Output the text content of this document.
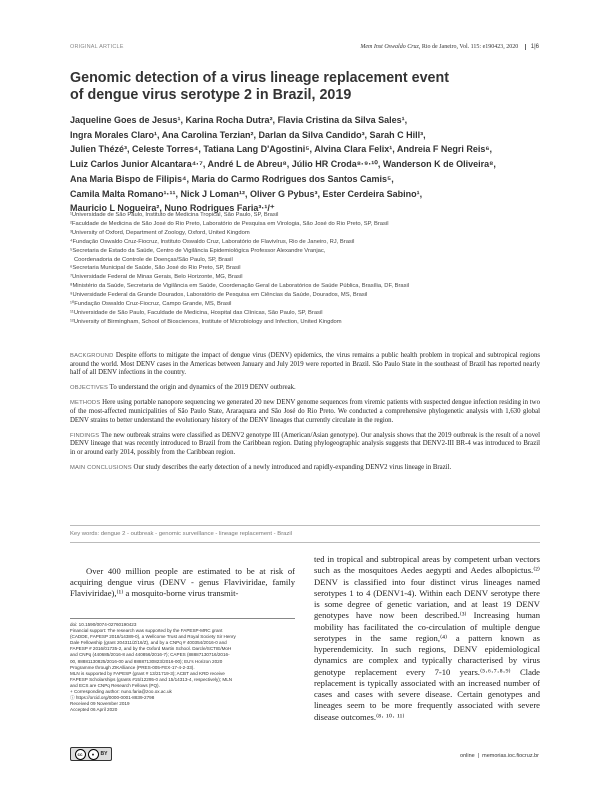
ORIGINAL ARTICLE	Mem Inst Oswaldo Cruz, Rio de Janeiro, Vol. 115: e190423, 2020 1|6
Genomic detection of a virus lineage replacement event
of dengue virus serotype 2 in Brazil, 2019
Jaqueline Goes de Jesus¹, Karina Rocha Dutra², Flavia Cristina da Silva Sales¹,
Ingra Morales Claro¹, Ana Carolina Terzian², Darlan da Silva Candido³, Sarah C Hill³,
Julien Thézé³, Celeste Torres⁴, Tatiana Lang D'Agostini⁵, Alvina Clara Felix¹, Andreia F Negri Reis⁶,
Luiz Carlos Junior Alcantara⁴·⁷, André L de Abreu⁸, Júlio HR Croda⁸·⁹·¹⁰, Wanderson K de Oliveira⁸,
Ana Maria Bispo de Filipis⁴, Maria do Carmo Rodrigues dos Santos Camis⁵,
Camila Malta Romano¹·¹¹, Nick J Loman¹², Oliver G Pybus³, Ester Cerdeira Sabino¹,
Mauricio L Nogueira², Nuno Rodrigues Faria³·¹/⁺
¹Universidade de São Paulo, Instituto de Medicina Tropical, São Paulo, SP, Brasil
²Faculdade de Medicina de São José do Rio Preto, Laboratório de Pesquisa em Virologia, São José do Rio Preto, SP, Brasil
³University of Oxford, Department of Zoology, Oxford, United Kingdom
⁴Fundação Oswaldo Cruz-Fiocruz, Instituto Oswaldo Cruz, Laboratório de Flavivírus, Rio de Janeiro, RJ, Brasil
⁵Secretaria de Estado da Saúde, Centro de Vigilância Epidemiológica Professor Alexandre Vranjac,
Coordenadoria de Controle de Doenças/São Paulo, SP, Brasil
⁶Secretaria Municipal de Saúde, São José do Rio Preto, SP, Brasil
⁷Universidade Federal de Minas Gerais, Belo Horizonte, MG, Brasil
⁸Ministério da Saúde, Secretaria de Vigilância em Saúde, Coordenação Geral de Laboratórios de Saúde Pública, Brasília, DF, Brasil
⁹Universidade Federal da Grande Dourados, Laboratório de Pesquisa em Ciências da Saúde, Dourados, MS, Brasil
¹⁰Fundação Oswaldo Cruz-Fiocruz, Campo Grande, MS, Brasil
¹¹Universidade de São Paulo, Faculdade de Medicina, Hospital das Clínicas, São Paulo, SP, Brasil
¹²University of Birmingham, School of Biosciences, Institute of Microbiology and Infection, United Kingdom

BACKGROUND Despite efforts to mitigate the impact of dengue virus (DENV) epidemics, the virus remains a public health problem in tropical and subtropical regions around the world. Most DENV cases in the Americas between January and July 2019 were reported in Brazil. São Paulo State in the southeast of Brazil has reported nearly half of all DENV infections in the country.

OBJECTIVES To understand the origin and dynamics of the 2019 DENV outbreak.

METHODS Here using portable nanopore sequencing we generated 20 new DENV genome sequences from viremic patients with suspected dengue infection residing in two of the most-affected municipalities of São Paulo State, Araraquara and São José do Rio Preto. We conducted a comprehensive phylogenetic analysis with 1,630 global DENV strains to better understand the evolutionary history of the DENV lineages that currently circulate in the region.

FINDINGS The new outbreak strains were classified as DENV2 genotype III (American/Asian genotype). Our analysis shows that the 2019 outbreak is the result of a novel DENV lineage that was recently introduced to Brazil from the Caribbean region. Dating phylogeographic analysis suggests that DENV2-III BR-4 was introduced to Brazil in or around early 2014, possibly from the Caribbean region.

MAIN CONCLUSIONS Our study describes the early detection of a newly introduced and rapidly-expanding DENV2 virus lineage in Brazil.

Key words: dengue 2 - outbreak - genomic surveillance - lineage replacement - Brazil

Over 400 million people are estimated to be at risk of acquiring dengue virus (DENV - genus Flaviviridae, family Flaviviridae),⁽¹⁾ a mosquito-borne virus transmit-

doi: 10.1590/0074-02760190423
Financial support: The research was supported by the FAPESP-MRC grant
(CADDE, FAPESP 2018/14389-0), a Wellcome Trust and Royal Society Sir Henry
Dale Fellowship (grant 204311/Z/16/Z), and by a CNPq # 400354/2016-0 and
FAPESP # 2016/01735-2, and by the Oxford Martin School. Darcle/SCTIE/MoH
and CNPq (440685/2016-8 and 440856/2016-7); CAPES (88887130716/2016-
00, 88881130825/2016-00 and 88887130823/2016-00); EU's Horizon 2020
Programme through ZIKAlliance (PRES-005-FEX-17-4-2-33).
MLN is supported by FAPESP (grant # 13/21719-3); ACBT and KRD receive
FAPESP Scholarships (grants #15/12295-0 and 15/14313-4, respectively); MLN
and ECS are CNPq Research Fellows (PQ).
+ Corresponding author: nuno.faria@zoo.ox.ac.uk
ⓘ https://orcid.org/0000-0001-8839-2798
Received 09 November 2019
Accepted 06 April 2020
cc	●	BY

ted in tropical and subtropical areas by competent urban vectors such as the mosquitoes Aedes aegypti and Aedes albopictus.⁽²⁾ DENV is classified into four distinct virus lineages named serotypes 1 to 4 (DENV1-4). Within each DENV serotype there is some degree of genetic variation, and at least 19 DENV genotypes have now been described.⁽³⁾ Increasing human mobility has facilitated the co-circulation of multiple dengue serotypes in the same region,⁽⁴⁾ a pattern known as hyperendemicity. In such regions, DENV epidemiological dynamics are complex and typically characterised by virus genotype replacement every 7-10 years.⁽⁵·⁶·⁷·⁸·⁹⁾ Clade replacement is typically associated with an increased number of cases and cases with severe disease. Certain genotypes and lineages seem to be more frequently associated with severe disease outcomes.⁽⁸· ¹⁰· ¹¹⁾

online | memorias.ioc.fiocruz.br
